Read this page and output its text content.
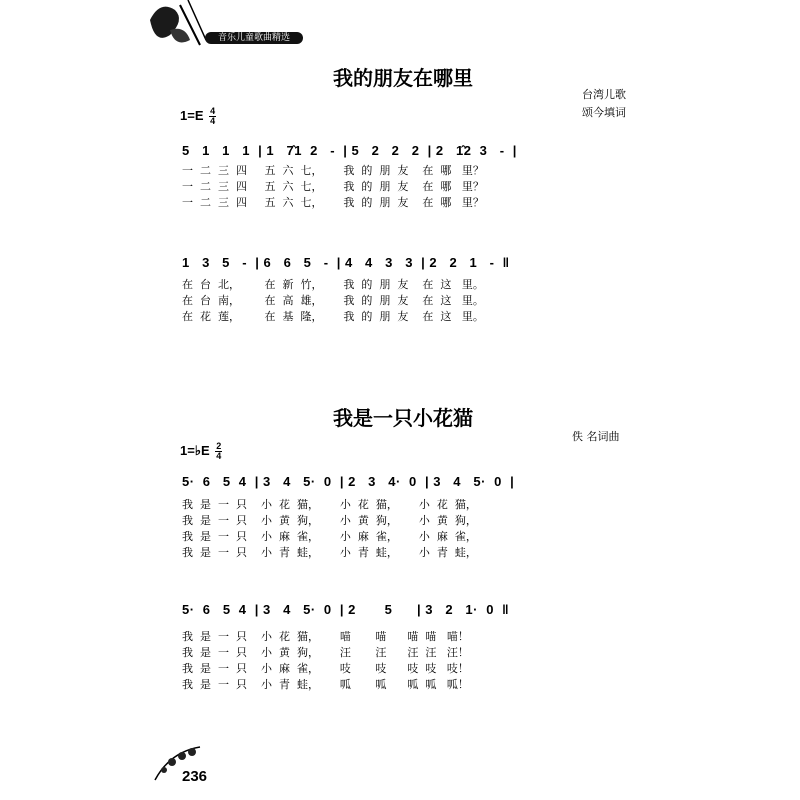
音乐儿童歌曲精选
我的朋友在哪里
台湾儿歌
颂今填词
$1=E \frac{4}{4}$
5   1   1   1  | 1   7̂1  2   -  | 5   2   2   2  | 2   1̂2  3   -  |
一  二  三  四     五  六  七，      我  的  朋  友    在  哪   里？
一  二  三  四     五  六  七，      我  的  朋  友    在  哪   里？
一  二  三  四     五  六  七，      我  的  朋  友    在  哪   里？
1   3   5   -  | 6   6   5   -  | 4   4   3   3  | 2   2   1   -  ‖
在  台  北，       在  新  竹，      我  的  朋  友    在  这   里。
在  台  南，       在  高  雄，      我  的  朋  友    在  这   里。
在  花  莲，       在  基  隆，      我  的  朋  友    在  这   里。
我是一只小花猫
佚 名词曲
1=♭E $\frac{2}{4}$
5·  6   5  4  | 3   4   5·  0  | 2   3   4·  0  | 3   4   5·  0  |
我  是  一  只    小  花  猫，      小  花  猫，      小  花  猫，
我  是  一  只    小  黄  狗，      小  黄  狗，      小  黄  狗，
我  是  一  只    小  麻  雀，      小  麻  雀，      小  麻  雀，
我  是  一  只    小  青  蛙，      小  青  蛙，      小  青  蛙，
5·  6   5  4  | 3   4   5·  0  | 2       5      | 3   2   1·  0  ‖
我  是  一  只    小  花  猫，      喵       喵      喵  喵   喵！
我  是  一  只    小  黄  狗，      汪       汪      汪  汪   汪！
我  是  一  只    小  麻  雀，      吱       吱      吱  吱   吱！
我  是  一  只    小  青  蛙，      呱       呱      呱  呱   呱！
236
